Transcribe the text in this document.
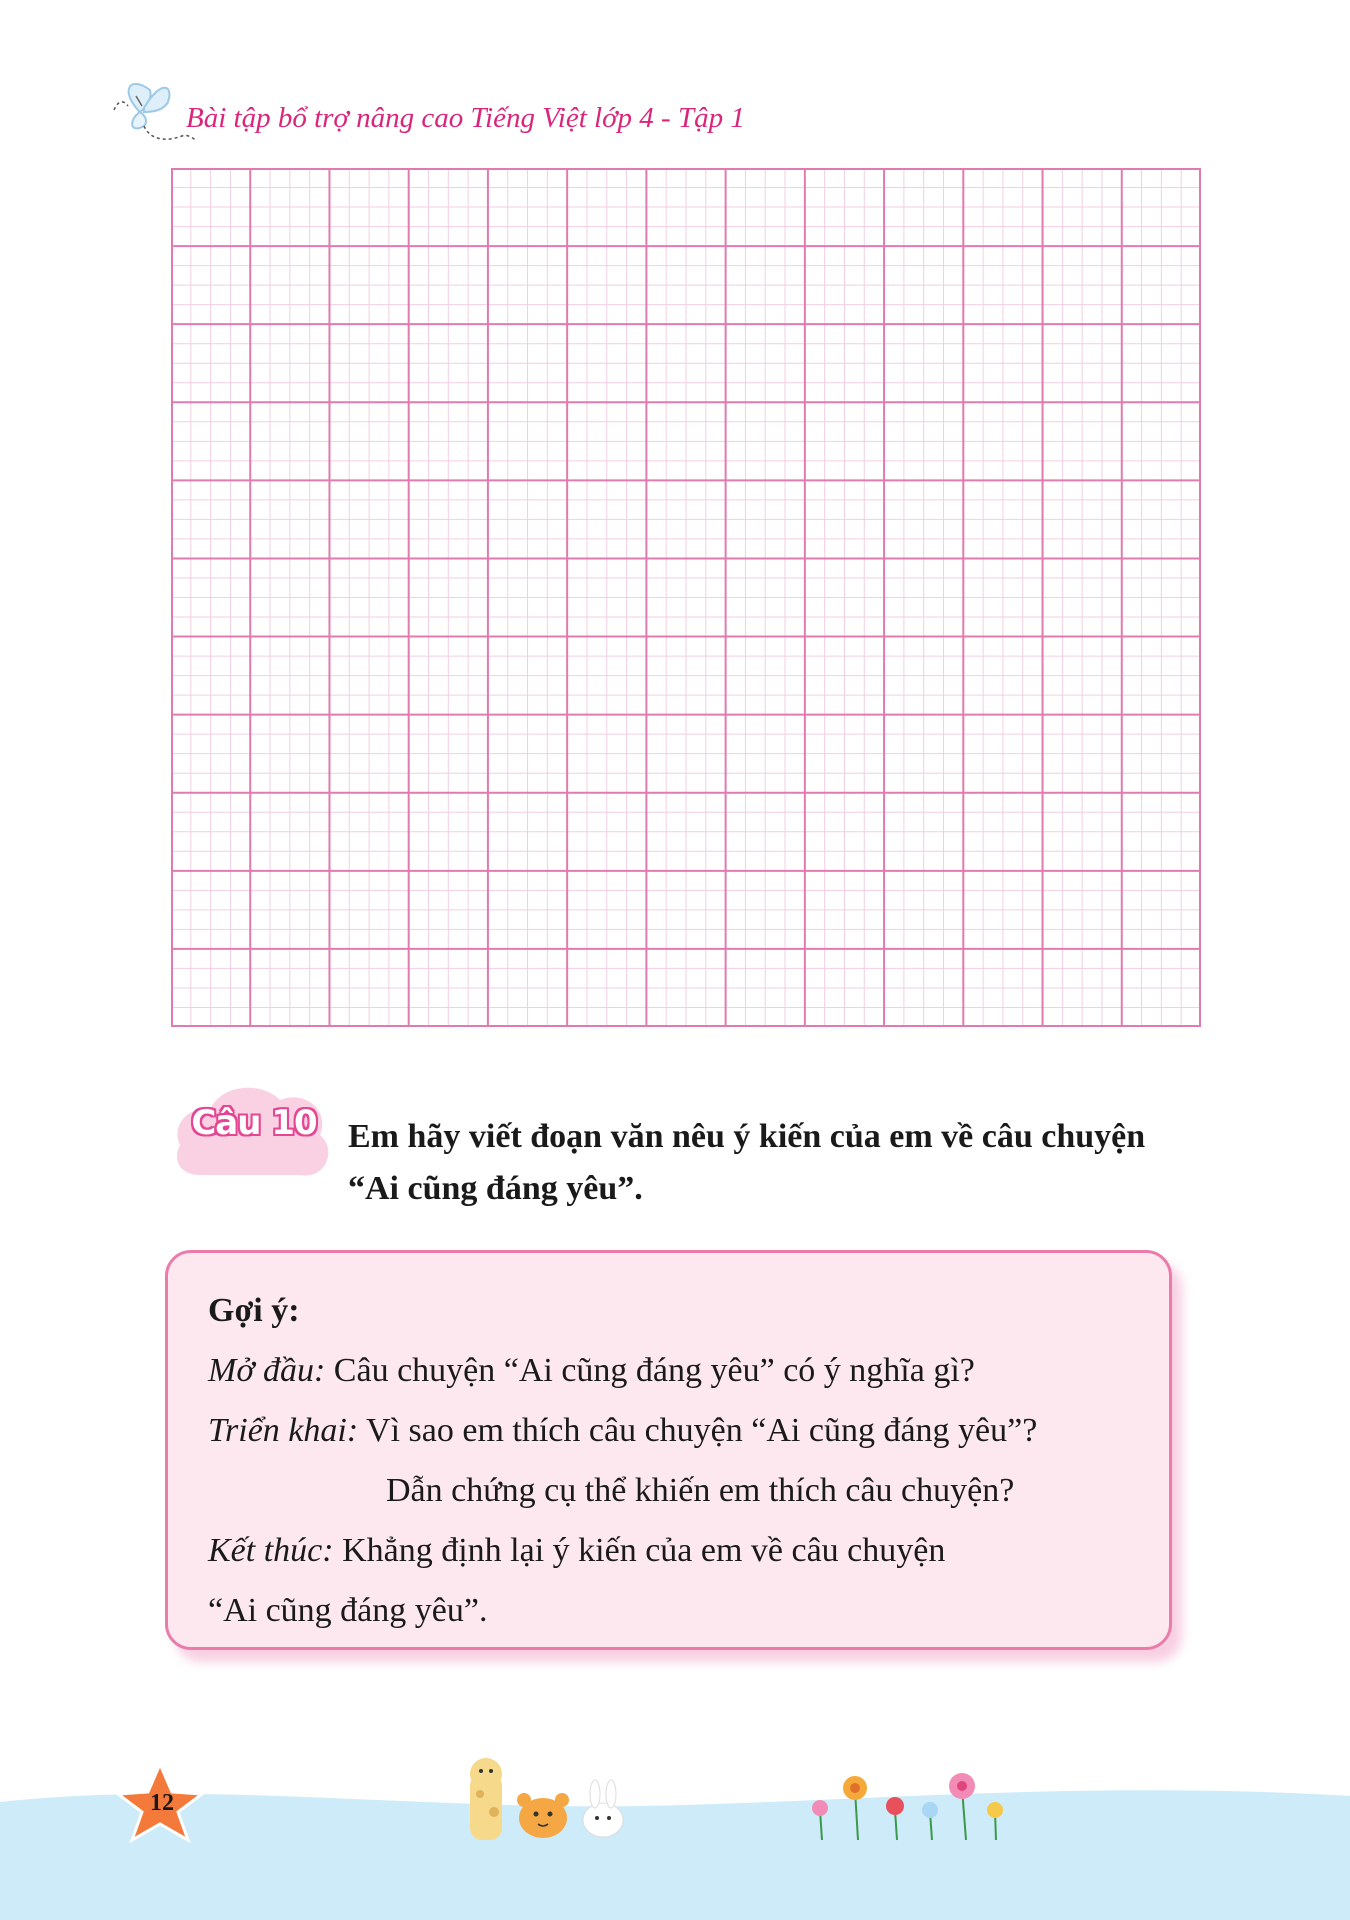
Bài tập bổ trợ nâng cao Tiếng Việt lớp 4 - Tập 1
Câu 10 Em hãy viết đoạn văn nêu ý kiến của em về câu chuyện
“Ai cũng đáng yêu”.
Gợi ý:
Mở đầu: Câu chuyện “Ai cũng đáng yêu” có ý nghĩa gì?
Triển khai: Vì sao em thích câu chuyện “Ai cũng đáng yêu”?
Dẫn chứng cụ thể khiến em thích câu chuyện?
Kết thúc: Khẳng định lại ý kiến của em về câu chuyện
“Ai cũng đáng yêu”.
12
